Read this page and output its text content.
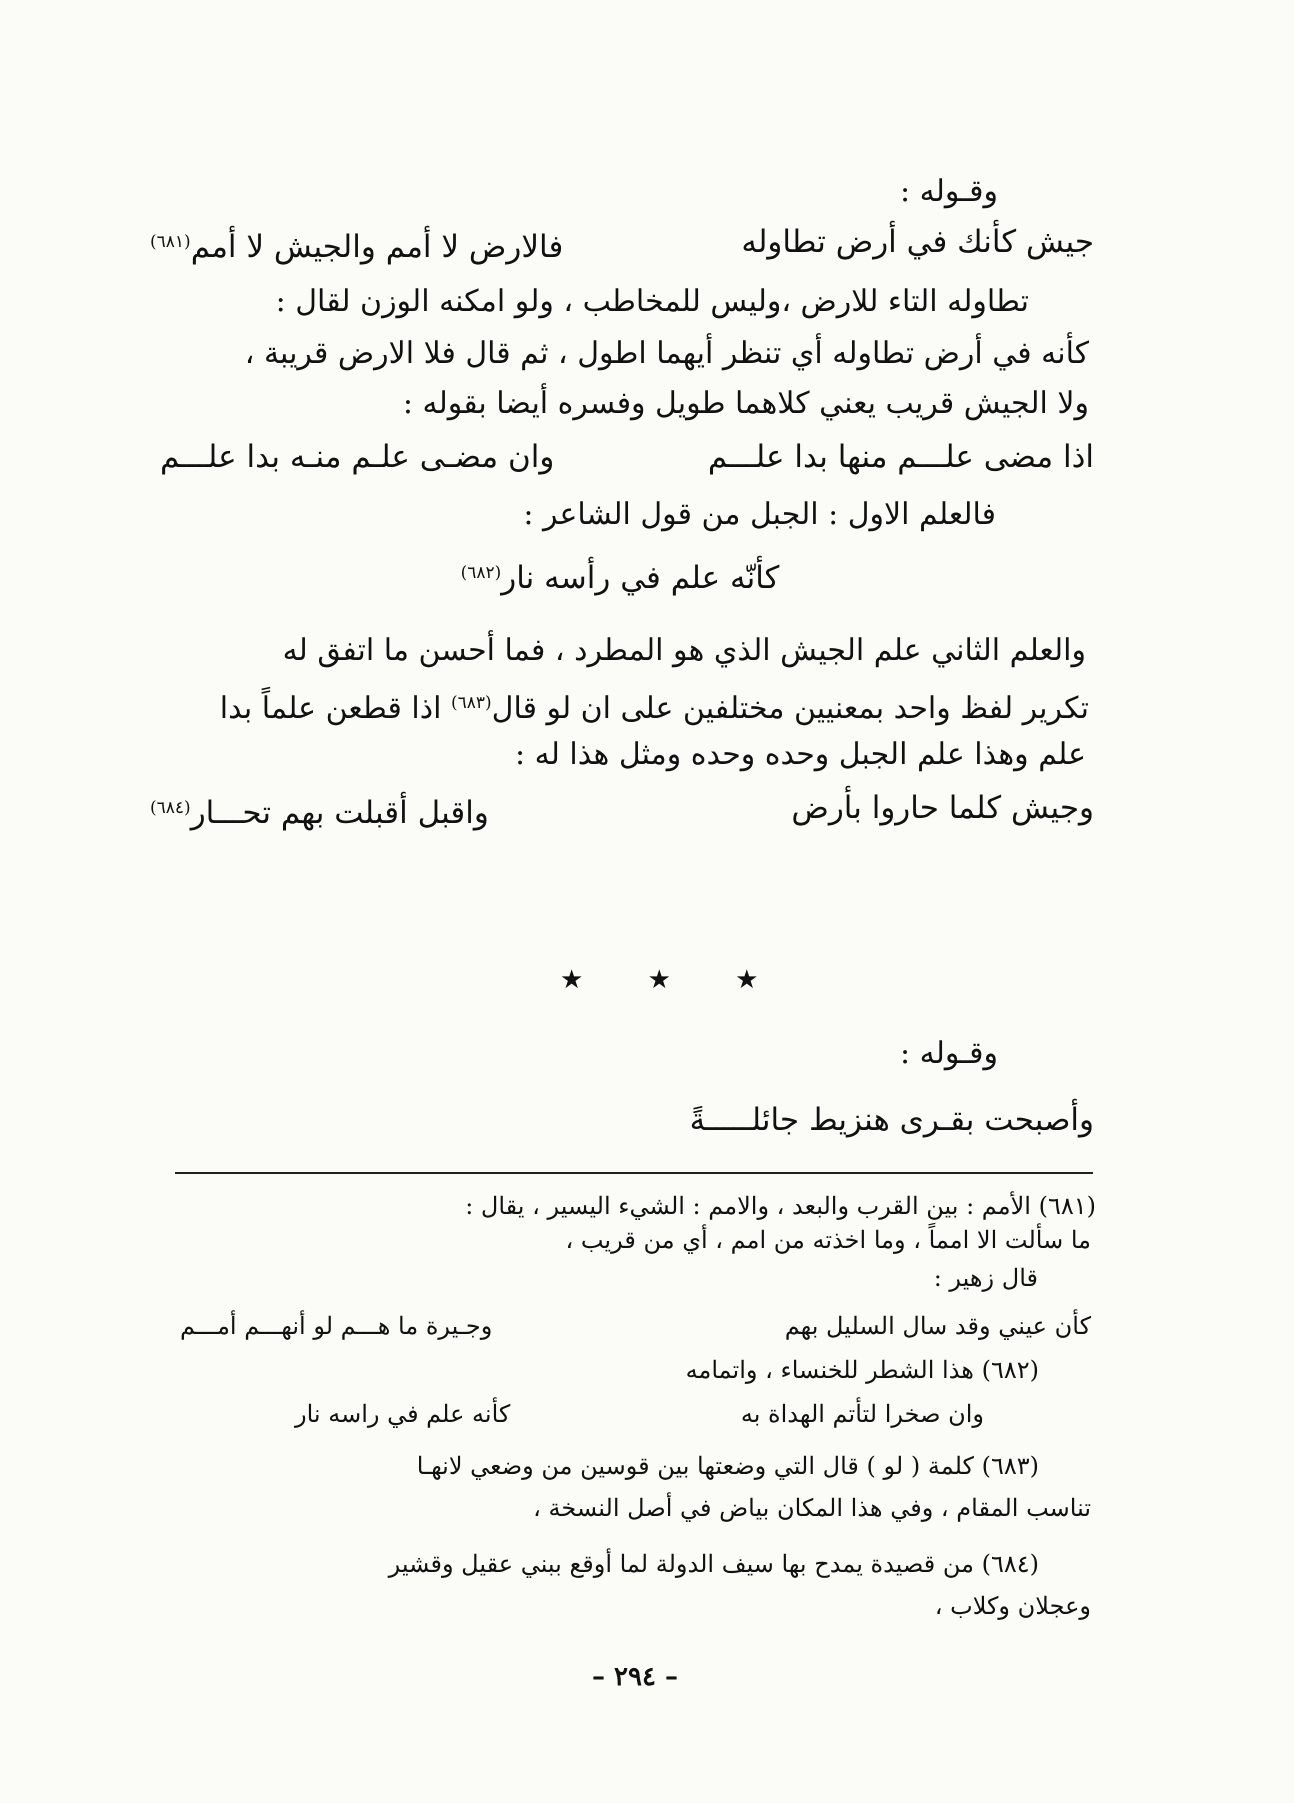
وقـوله :
جيش كأنك في أرض تطاوله
فالارض لا أمم والجيش لا أمم$^{(٦٨١)}$
تطاوله التاء للارض ،وليس للمخاطب ، ولو امكنه الوزن لقال :
كأنه في أرض تطاوله أي تنظر أيهما اطول ، ثم قال فلا الارض قريبة ،
ولا الجيش قريب يعني كلاهما طويل وفسره أيضا بقوله :
اذا مضى علـــم منها بدا علـــم
وان مضـى علـم منـه بدا علـــم
فالعلم الاول : الجبل من قول الشاعر :
كأنّه علم في رأسه نار$^{(٦٨٢)}$
والعلم الثاني علم الجيش الذي هو المطرد ، فما أحسن ما اتفق له
تكرير لفظ واحد بمعنيين مختلفين على ان لو قال$^{(٦٨٣)}$ اذا قطعن علماً بدا
علم وهذا علم الجبل وحده وحده ومثل هذا له :
وجيش كلما حاروا بأرض
واقبل أقبلت بهم تحـــار$^{(٦٨٤)}$
★ ★ ★
وقـوله :
وأصبحت بقـرى هنزيط جائلـــــةً
(٦٨١) الأمم : بين القرب والبعد ، والامم : الشيء اليسير ، يقال :
ما سألت الا امماً ، وما اخذته من امم ، أي من قريب ،
قال زهير :
كأن عيني وقد سال السليل بهم
وجـيرة ما هـــم لو أنهـــم أمـــم
(٦٨٢) هذا الشطر للخنساء ، واتمامه
وان صخرا لتأتم الهداة به
كأنه علم في راسه نار
(٦٨٣) كلمة ( لو ) قال التي وضعتها بين قوسين من وضعي لانهـا
تناسب المقام ، وفي هذا المكان بياض في أصل النسخة ،
(٦٨٤) من قصيدة يمدح بها سيف الدولة لما أوقع ببني عقيل وقشير
وعجلان وكلاب ،
– ٢٩٤ –
